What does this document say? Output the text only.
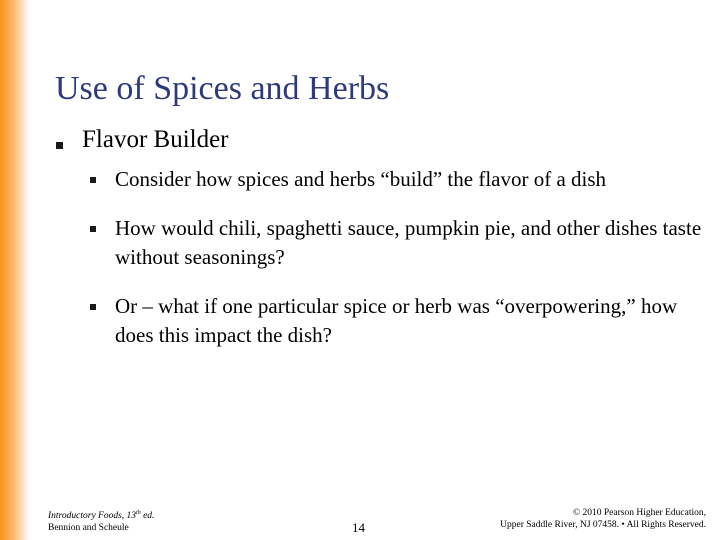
Use of Spices and Herbs
Flavor Builder
Consider how spices and herbs “build” the flavor of a dish
How would chili, spaghetti sauce, pumpkin pie, and other dishes taste without seasonings?
Or – what if one particular spice or herb was “overpowering,” how does this impact the dish?
Introductory Foods, 13th ed.
Bennion and Scheule	14
© 2010 Pearson Higher Education,
Upper Saddle River, NJ 07458. • All Rights Reserved.
